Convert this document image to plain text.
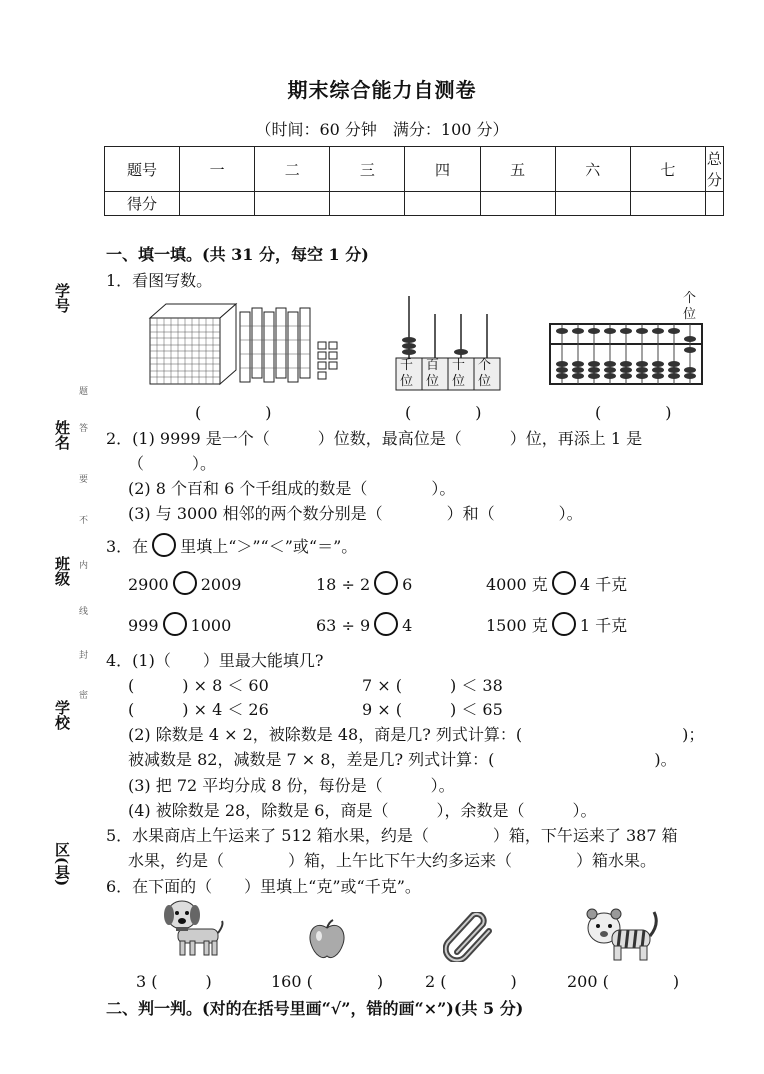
期末综合能力自测卷
（时间：60 分钟　满分：100 分）
题号	一	二	三	四	五	六	七	总分
得分								
学号
姓名
班级
学校
区(县)
题
答
要
不
内
线
封
密
一、填一填。(共 31 分，每空 1 分)
1．看图写数。
千位
百位
十位
个位
个位
(　　　　)	(　　　　)	(　　　　)
2．(1) 9999 是一个（　　　）位数，最高位是（　　　）位，再添上 1 是
（　　　）。
(2) 8 个百和 6 个千组成的数是（　　　　）。
(3) 与 3000 相邻的两个数分别是（　　　　）和（　　　　）。
3．在 里填上“＞”“＜”或“＝”。
2900 2009	18 ÷ 2 6	4000 克 4 千克
999 1000	63 ÷ 9 4	1500 克 1 千克
4．(1)（　　）里最大能填几?
(　　　) × 8 ＜ 60	7 × (　　　) ＜ 38
(　　　) × 4 ＜ 26	9 × (　　　) ＜ 65
(2) 除数是 4 × 2，被除数是 48，商是几? 列式计算：(　　　　　　　　　　)；
被减数是 82，减数是 7 × 8，差是几? 列式计算：(　　　　　　　　　　)。
(3) 把 72 平均分成 8 份，每份是（　　　）。
(4) 被除数是 28，除数是 6，商是（　　　），余数是（　　　）。
5．水果商店上午运来了 512 箱水果，约是（　　　　）箱，下午运来了 387 箱
水果，约是（　　　　）箱，上午比下午大约多运来（　　　　）箱水果。
6．在下面的（　　）里填上“克”或“千克”。
3 (　　　)	160 (　　　　)	2 (　　　　)	200 (　　　　)
二、判一判。(对的在括号里画“√”，错的画“×”)(共 5 分)
